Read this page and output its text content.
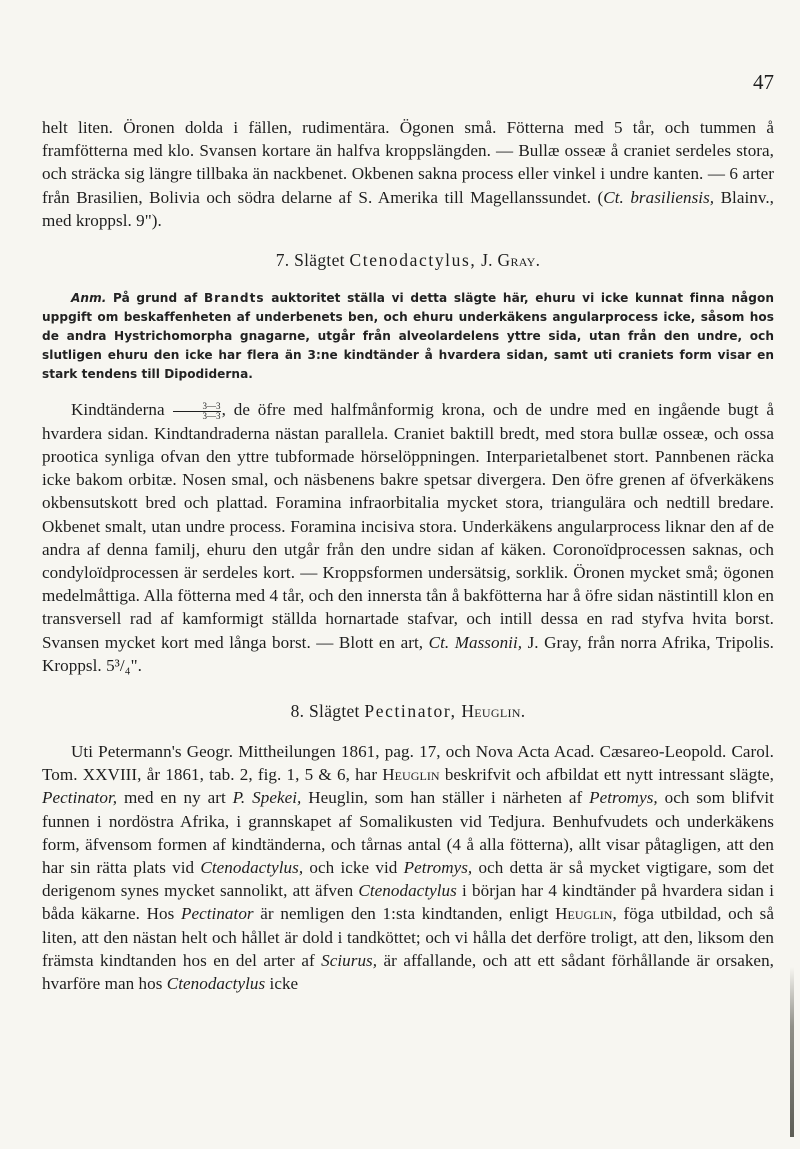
47

helt liten. Öronen dolda i fällen, rudimentära. Ögonen små. Fötterna med 5 tår, och tummen å framfötterna med klo. Svansen kortare än halfva kroppslängden. — Bullæ osseæ å craniet serdeles stora, och sträcka sig längre tillbaka än nackbenet. Okbenen sakna process eller vinkel i undre kanten. — 6 arter från Brasilien, Bolivia och södra delarne af S. Amerika till Magellanssundet. (Ct. brasiliensis, Blainv., med kroppsl. 9").

7. Slägtet Ctenodactylus, J. Gray.

Anm. På grund af Brandts auktoritet ställa vi detta slägte här, ehuru vi icke kunnat finna någon uppgift om beskaffenheten af underbenets ben, och ehuru underkäkens angularprocess icke, såsom hos de andra Hystrichomorpha gnagarne, utgår från alveolardelens yttre sida, utan från den undre, och slutligen ehuru den icke har flera än 3:ne kindtänder å hvardera sidan, samt uti craniets form visar en stark tendens till Dipodiderna.

Kindtänderna $\frac{3—3}{3—3}$ , de öfre med halfmånformig krona, och de undre med en ingående bugt å hvardera sidan. Kindtandraderna nästan parallela. Craniet baktill bredt, med stora bullæ osseæ, och ossa prootica synliga ofvan den yttre tubformade hörselöppningen. Interparietalbenet stort. Pannbenen räcka icke bakom orbitæ. Nosen smal, och näsbenens bakre spetsar divergera. Den öfre grenen af öfverkäkens okbensutskott bred och plattad. Foramina infraorbitalia mycket stora, triangulära och nedtill bredare. Okbenet smalt, utan undre process. Foramina incisiva stora. Underkäkens angularprocess liknar den af de andra af denna familj, ehuru den utgår från den undre sidan af käken. Coronoïdprocessen saknas, och condyloïdprocessen är serdeles kort. — Kroppsformen undersätsig, sorklik. Öronen mycket små; ögonen medelmåttiga. Alla fötterna med 4 tår, och den innersta tån å bakfötterna har å öfre sidan nästintill klon en transversell rad af kamformigt ställda hornartade stafvar, och intill dessa en rad styfva hvita borst. Svansen mycket kort med långa borst. — Blott en art, Ct. Massonii, J. Gray, från norra Afrika, Tripolis. Kroppsl. 5³/₄".

8. Slägtet Pectinator, Heuglin.

Uti Petermann's Geogr. Mittheilungen 1861, pag. 17, och Nova Acta Acad. Cæsareo-Leopold. Carol. Tom. XXVIII, år 1861, tab. 2, fig. 1, 5 & 6, har Heuglin beskrifvit och afbildat ett nytt intressant slägte, Pectinator, med en ny art P. Spekei, Heuglin, som han ställer i närheten af Petromys, och som blifvit funnen i nordöstra Afrika, i grannskapet af Somalikusten vid Tedjura. Benhufvudets och underkäkens form, äfvensom formen af kindtänderna, och tårnas antal (4 å alla fötterna), allt visar påtagligen, att den har sin rätta plats vid Ctenodactylus, och icke vid Petromys, och detta är så mycket vigtigare, som det derigenom synes mycket sannolikt, att äfven Ctenodactylus i början har 4 kindtänder på hvardera sidan i båda käkarne. Hos Pectinator är nemligen den 1:sta kindtanden, enligt Heuglin, föga utbildad, och så liten, att den nästan helt och hållet är dold i tandköttet; och vi hålla det derföre troligt, att den, liksom den främsta kindtanden hos en del arter af Sciurus, är affallande, och att ett sådant förhållande är orsaken, hvarföre man hos Ctenodactylus icke
